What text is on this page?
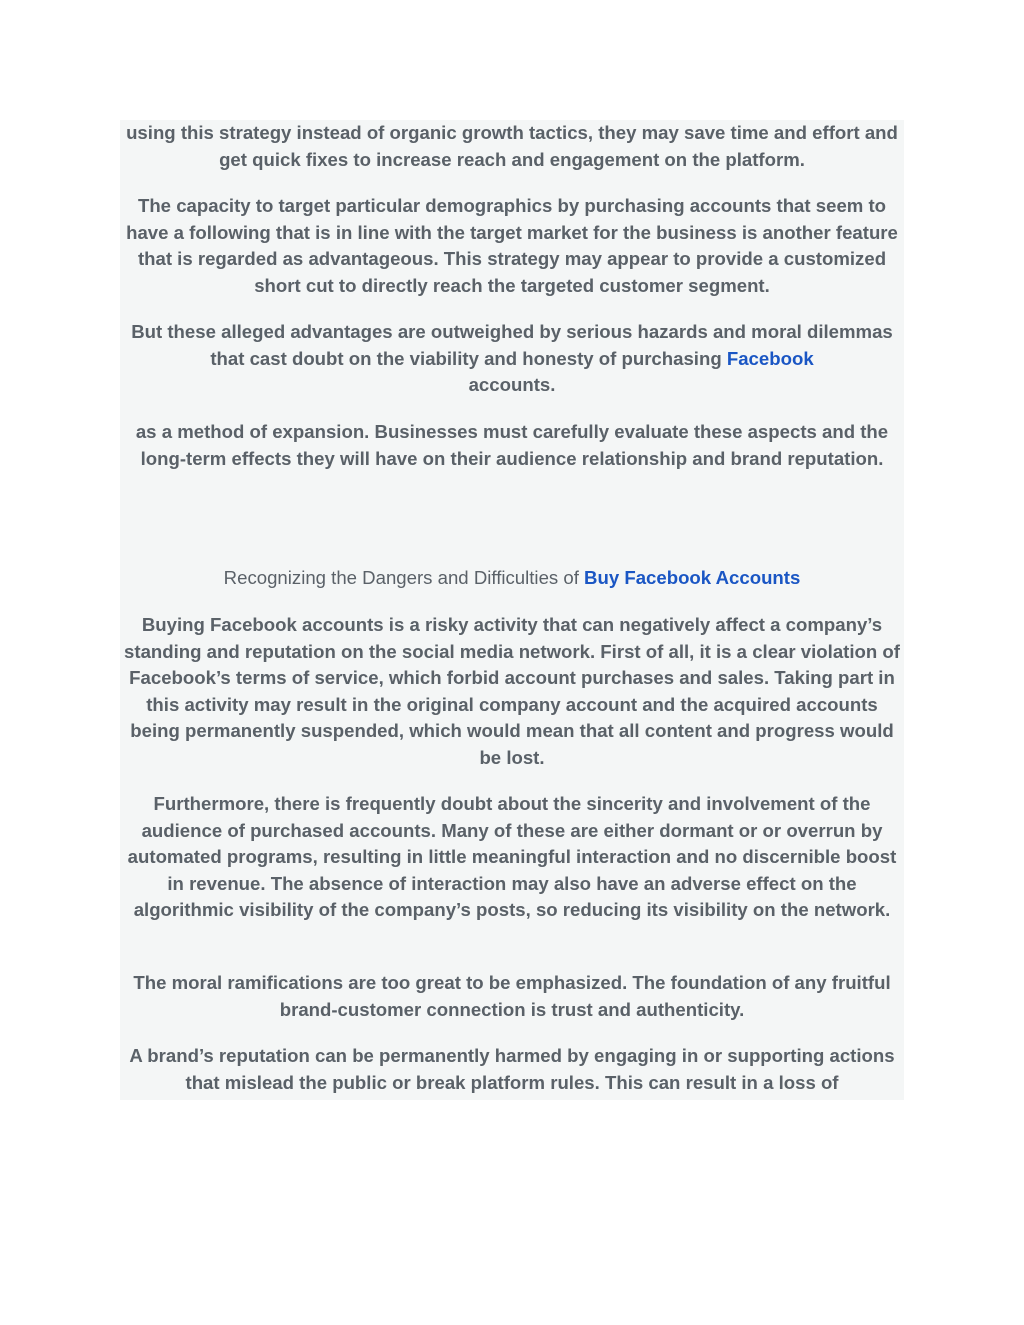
using this strategy instead of organic growth tactics, they may save time and effort and get quick fixes to increase reach and engagement on the platform.

The capacity to target particular demographics by purchasing accounts that seem to have a following that is in line with the target market for the business is another feature that is regarded as advantageous. This strategy may appear to provide a customized short cut to directly reach the targeted customer segment.

But these alleged advantages are outweighed by serious hazards and moral dilemmas that cast doubt on the viability and honesty of purchasing Facebook
accounts.

as a method of expansion. Businesses must carefully evaluate these aspects and the long-term effects they will have on their audience relationship and brand reputation.

Recognizing the Dangers and Difficulties of Buy Facebook Accounts

Buying Facebook accounts is a risky activity that can negatively affect a company’s standing and reputation on the social media network. First of all, it is a clear violation of Facebook’s terms of service, which forbid account purchases and sales. Taking part in this activity may result in the original company account and the acquired accounts being permanently suspended, which would mean that all content and progress would be lost.

Furthermore, there is frequently doubt about the sincerity and involvement of the audience of purchased accounts. Many of these are either dormant or or overrun by automated programs, resulting in little meaningful interaction and no discernible boost in revenue. The absence of interaction may also have an adverse effect on the algorithmic visibility of the company’s posts, so reducing its visibility on the network.

The moral ramifications are too great to be emphasized. The foundation of any fruitful brand-customer connection is trust and authenticity.

A brand’s reputation can be permanently harmed by engaging in or supporting actions that mislead the public or break platform rules. This can result in a loss of
